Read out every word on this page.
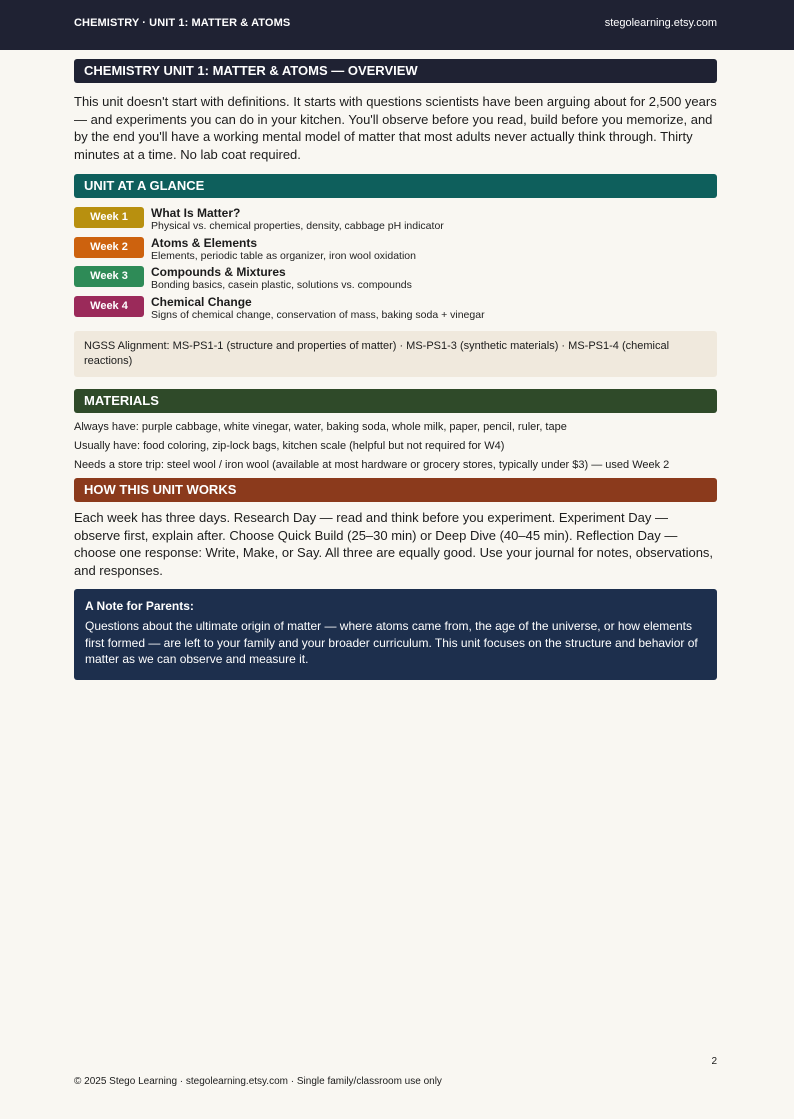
CHEMISTRY · UNIT 1: MATTER & ATOMS	stegolearning.etsy.com
CHEMISTRY UNIT 1: MATTER & ATOMS — OVERVIEW

This unit doesn't start with definitions. It starts with questions scientists have been arguing about for 2,500 years — and experiments you can do in your kitchen. You'll observe before you read, build before you memorize, and by the end you'll have a working mental model of matter that most adults never actually think through. Thirty minutes at a time. No lab coat required.

UNIT AT A GLANCE
Week 1	What Is Matter?
Physical vs. chemical properties, density, cabbage pH indicator
Week 2	Atoms & Elements
Elements, periodic table as organizer, iron wool oxidation
Week 3	Compounds & Mixtures
Bonding basics, casein plastic, solutions vs. compounds
Week 4	Chemical Change
Signs of chemical change, conservation of mass, baking soda + vinegar
NGSS Alignment: MS-PS1-1 (structure and properties of matter) · MS-PS1-3 (synthetic materials) · MS-PS1-4 (chemical reactions)
MATERIALS
Always have: purple cabbage, white vinegar, water, baking soda, whole milk, paper, pencil, ruler, tape
Usually have: food coloring, zip-lock bags, kitchen scale (helpful but not required for W4)
Needs a store trip: steel wool / iron wool (available at most hardware or grocery stores, typically under $3) — used Week 2
HOW THIS UNIT WORKS
Each week has three days. Research Day — read and think before you experiment. Experiment Day — observe first, explain after. Choose Quick Build (25–30 min) or Deep Dive (40–45 min). Reflection Day — choose one response: Write, Make, or Say. All three are equally good. Use your journal for notes, observations, and responses.
A Note for Parents:
Questions about the ultimate origin of matter — where atoms came from, the age of the universe, or how elements first formed — are left to your family and your broader curriculum. This unit focuses on the structure and behavior of matter as we can observe and measure it.
2
© 2025 Stego Learning · stegolearning.etsy.com · Single family/classroom use only
